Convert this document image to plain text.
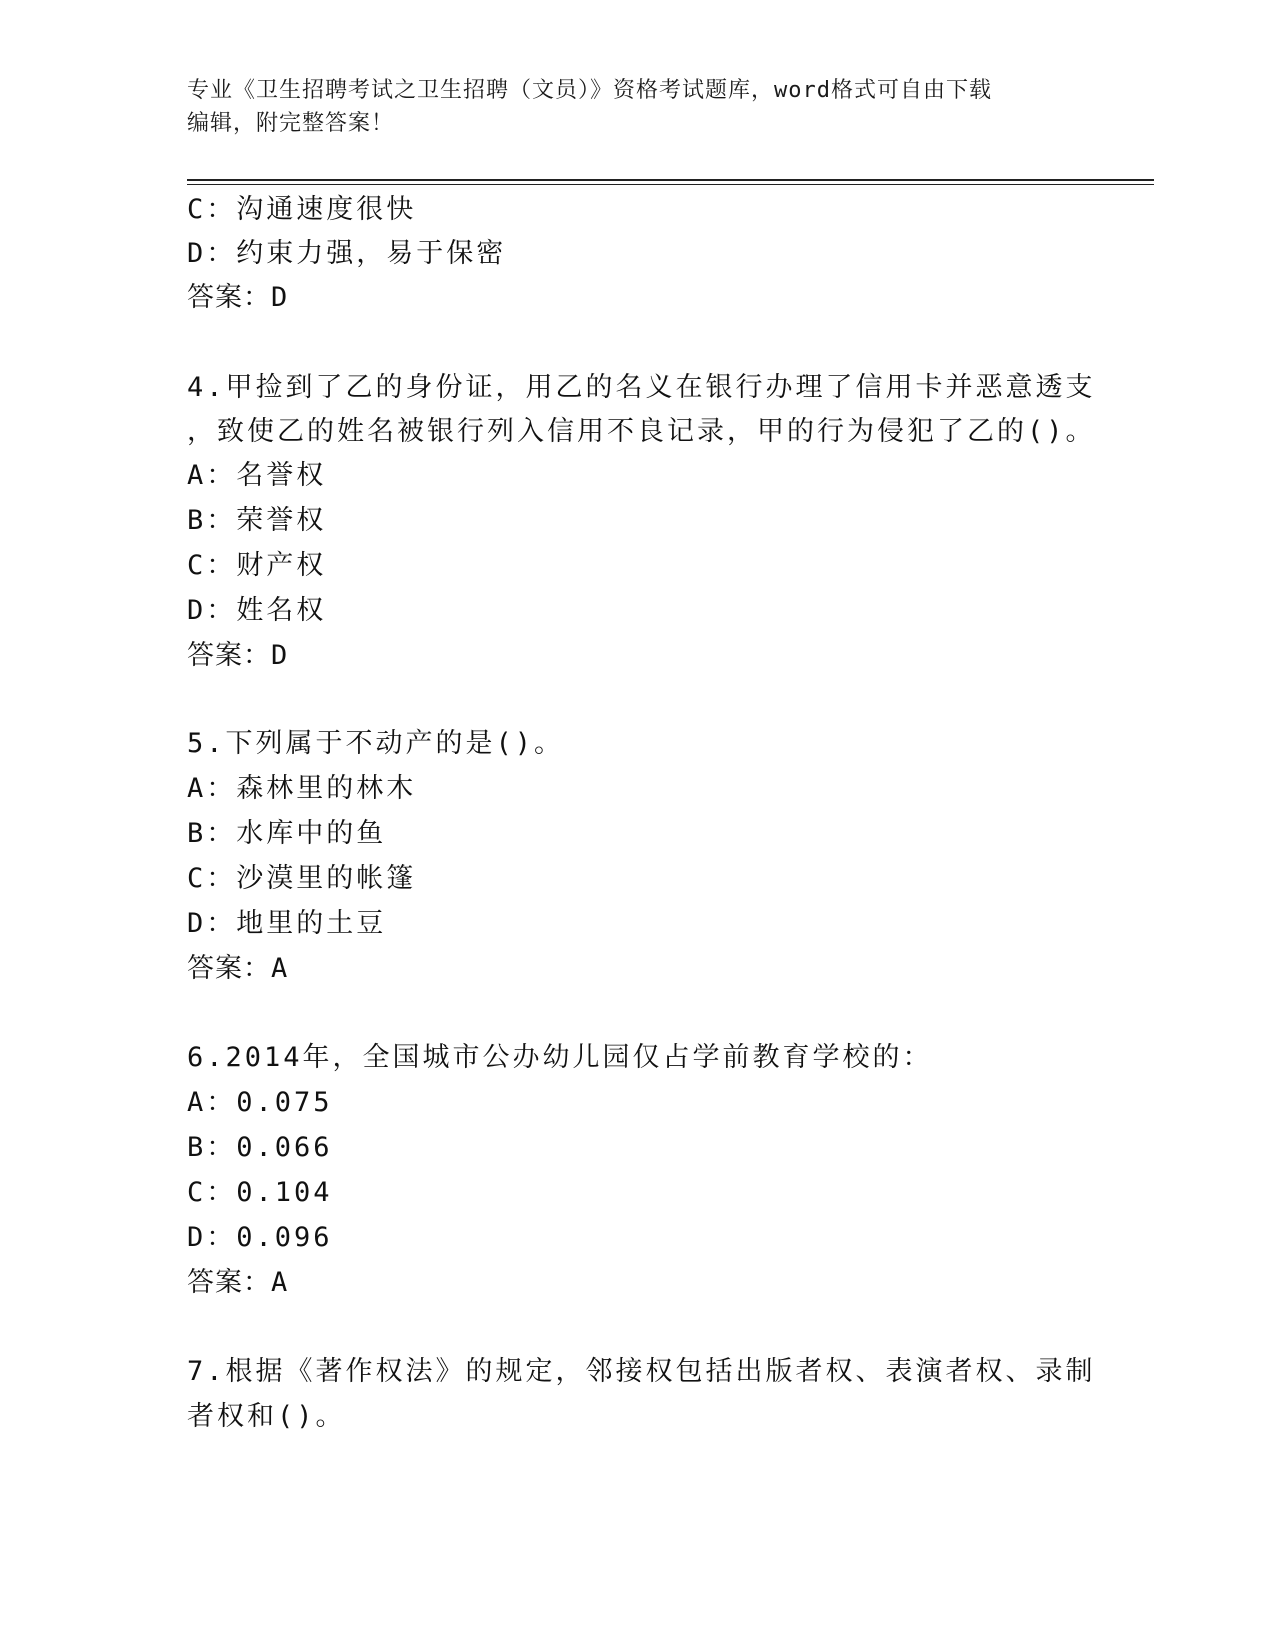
专业《卫生招聘考试之卫生招聘（文员）》资格考试题库，word格式可自由下载
编辑，附完整答案！
C：沟通速度很快
D：约束力强，易于保密
答案：D
4.甲捡到了乙的身份证，用乙的名义在银行办理了信用卡并恶意透支
，致使乙的姓名被银行列入信用不良记录，甲的行为侵犯了乙的()。
A：名誉权
B：荣誉权
C：财产权
D：姓名权
答案：D
5.下列属于不动产的是()。
A：森林里的林木
B：水库中的鱼
C：沙漠里的帐篷
D：地里的土豆
答案：A
6.2014年，全国城市公办幼儿园仅占学前教育学校的：
A：0.075
B：0.066
C：0.104
D：0.096
答案：A
7.根据《著作权法》的规定，邻接权包括出版者权、表演者权、录制
者权和()。
